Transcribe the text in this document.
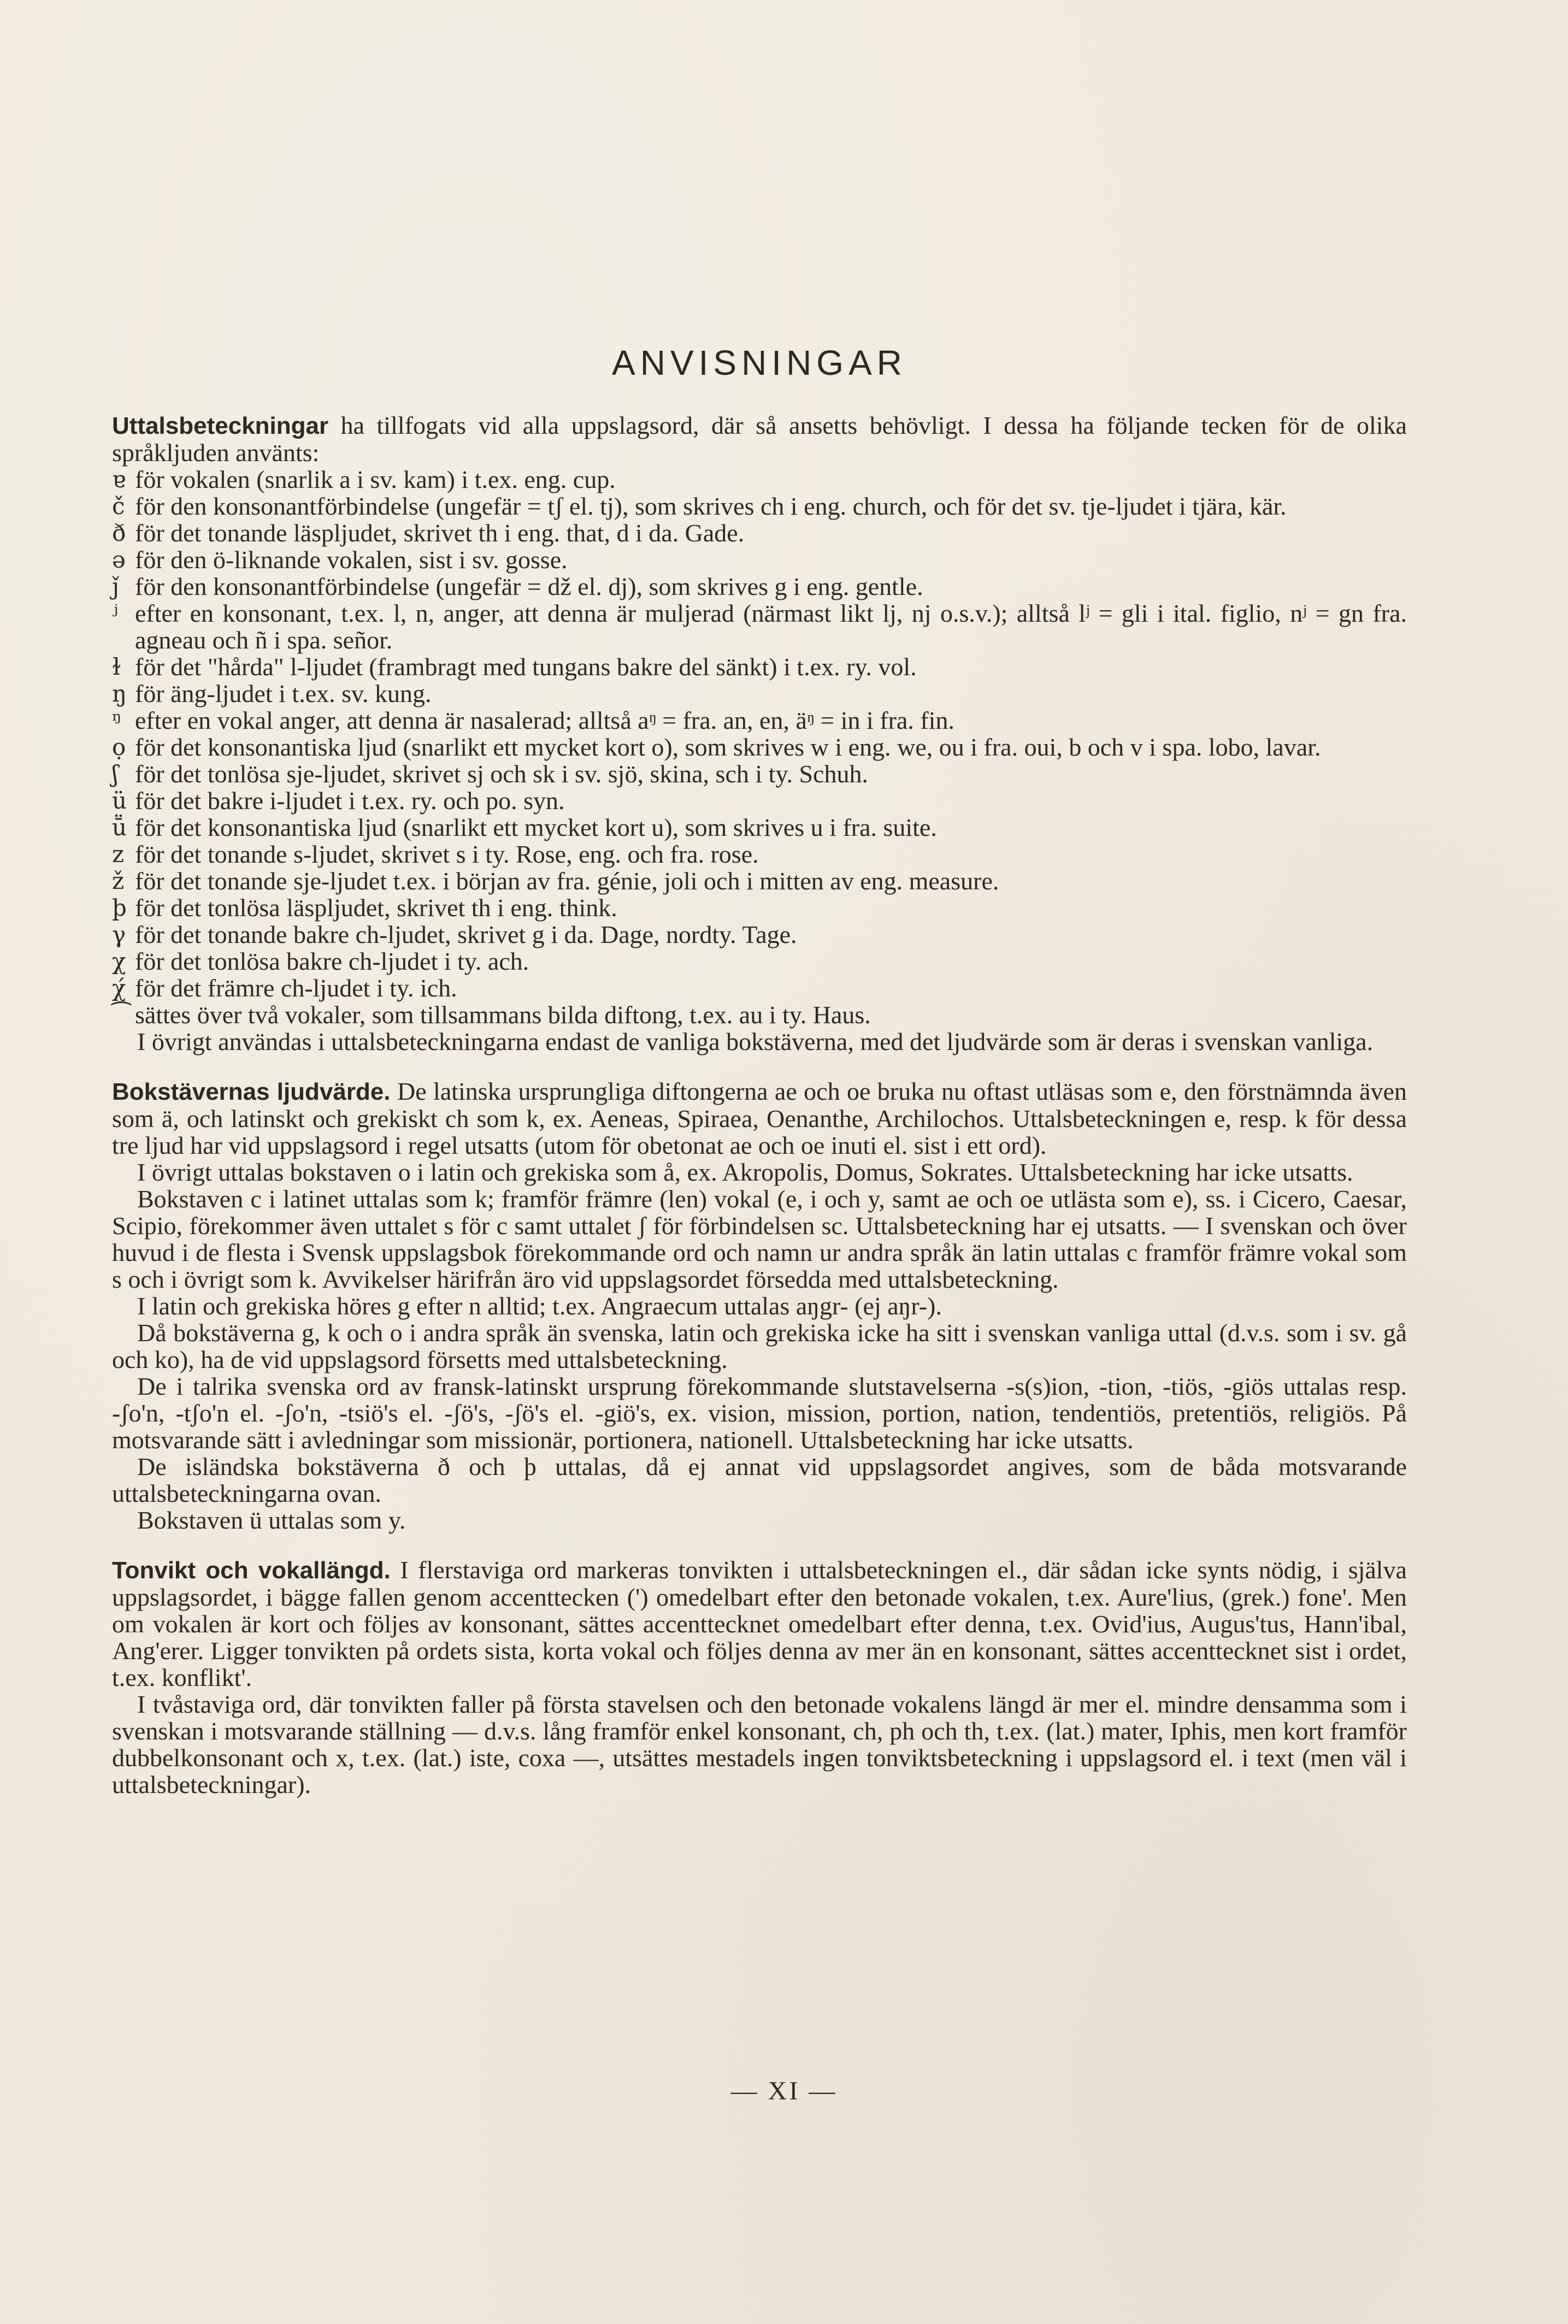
ANVISNINGAR

Uttalsbeteckningar ha tillfogats vid alla uppslagsord, där så ansetts behövligt. I dessa ha följande tecken för de olika språkljuden använts:

ɐ för vokalen (snarlik a i sv. kam) i t.ex. eng. cup.
č för den konsonantförbindelse (ungefär = tʃ el. tj), som skrives ch i eng. church, och för det sv. tje-ljudet i tjära, kär.
ð för det tonande läspljudet, skrivet th i eng. that, d i da. Gade.
ə för den ö-liknande vokalen, sist i sv. gosse.
ǰ för den konsonantförbindelse (ungefär = dž el. dj), som skrives g i eng. gentle.
ʲ efter en konsonant, t.ex. l, n, anger, att denna är muljerad (närmast likt lj, nj o.s.v.); alltså lʲ = gli i ital. figlio, nʲ = gn fra. agneau och ñ i spa. señor.
ɫ för det "hårda" l-ljudet (frambragt med tungans bakre del sänkt) i t.ex. ry. vol.
ŋ för äng-ljudet i t.ex. sv. kung.
ᵑ efter en vokal anger, att denna är nasalerad; alltså aᵑ = fra. an, en, äᵑ = in i fra. fin.
ọ för det konsonantiska ljud (snarlikt ett mycket kort o), som skrives w i eng. we, ou i fra. oui, b och v i spa. lobo, lavar.
ʃ för det tonlösa sje-ljudet, skrivet sj och sk i sv. sjö, skina, sch i ty. Schuh.
ü för det bakre i-ljudet i t.ex. ry. och po. syn.
ṻ för det konsonantiska ljud (snarlikt ett mycket kort u), som skrives u i fra. suite.
z för det tonande s-ljudet, skrivet s i ty. Rose, eng. och fra. rose.
ž för det tonande sje-ljudet t.ex. i början av fra. génie, joli och i mitten av eng. measure.
þ för det tonlösa läspljudet, skrivet th i eng. think.
γ för det tonande bakre ch-ljudet, skrivet g i da. Dage, nordty. Tage.
χ för det tonlösa bakre ch-ljudet i ty. ach.
χ́ för det främre ch-ljudet i ty. ich.
⁀ sättes över två vokaler, som tillsammans bilda diftong, t.ex. au i ty. Haus.

I övrigt användas i uttalsbeteckningarna endast de vanliga bokstäverna, med det ljudvärde som är deras i svenskan vanliga.

Bokstävernas ljudvärde. De latinska ursprungliga diftongerna ae och oe bruka nu oftast utläsas som e, den förstnämnda även som ä, och latinskt och grekiskt ch som k, ex. Aeneas, Spiraea, Oenanthe, Archilochos. Uttalsbeteckningen e, resp. k för dessa tre ljud har vid uppslagsord i regel utsatts (utom för obetonat ae och oe inuti el. sist i ett ord).

I övrigt uttalas bokstaven o i latin och grekiska som å, ex. Akropolis, Domus, Sokrates. Uttalsbeteckning har icke utsatts.

Bokstaven c i latinet uttalas som k; framför främre (len) vokal (e, i och y, samt ae och oe utlästa som e), ss. i Cicero, Caesar, Scipio, förekommer även uttalet s för c samt uttalet ʃ för förbindelsen sc. Uttalsbeteckning har ej utsatts. — I svenskan och över huvud i de flesta i Svensk uppslagsbok förekommande ord och namn ur andra språk än latin uttalas c framför främre vokal som s och i övrigt som k. Avvikelser härifrån äro vid uppslagsordet försedda med uttalsbeteckning.

I latin och grekiska höres g efter n alltid; t.ex. Angraecum uttalas aŋgr- (ej aŋr-).

Då bokstäverna g, k och o i andra språk än svenska, latin och grekiska icke ha sitt i svenskan vanliga uttal (d.v.s. som i sv. gå och ko), ha de vid uppslagsord försetts med uttalsbeteckning.

De i talrika svenska ord av fransk-latinskt ursprung förekommande slutstavelserna -s(s)ion, -tion, -tiös, -giös uttalas resp. -ʃo'n, -tʃo'n el. -ʃo'n, -tsiö's el. -ʃö's, -ʃö's el. -giö's, ex. vision, mission, portion, nation, tendentiös, pretentiös, religiös. På motsvarande sätt i avledningar som missionär, portionera, nationell. Uttalsbeteckning har icke utsatts.

De isländska bokstäverna ð och þ uttalas, då ej annat vid uppslagsordet angives, som de båda motsvarande uttalsbeteckningarna ovan.

Bokstaven ü uttalas som y.

Tonvikt och vokallängd. I flerstaviga ord markeras tonvikten i uttalsbeteckningen el., där sådan icke synts nödig, i själva uppslagsordet, i bägge fallen genom accenttecken (') omedelbart efter den betonade vokalen, t.ex. Aure'lius, (grek.) fone'. Men om vokalen är kort och följes av konsonant, sättes accenttecknet omedelbart efter denna, t.ex. Ovid'ius, Augus'tus, Hann'ibal, Ang'erer. Ligger tonvikten på ordets sista, korta vokal och följes denna av mer än en konsonant, sättes accenttecknet sist i ordet, t.ex. konflikt'.

I tvåstaviga ord, där tonvikten faller på första stavelsen och den betonade vokalens längd är mer el. mindre densamma som i svenskan i motsvarande ställning — d.v.s. lång framför enkel konsonant, ch, ph och th, t.ex. (lat.) mater, Iphis, men kort framför dubbelkonsonant och x, t.ex. (lat.) iste, coxa —, utsättes mestadels ingen tonviktsbeteckning i uppslagsord el. i text (men väl i uttalsbeteckningar).

— XI —
